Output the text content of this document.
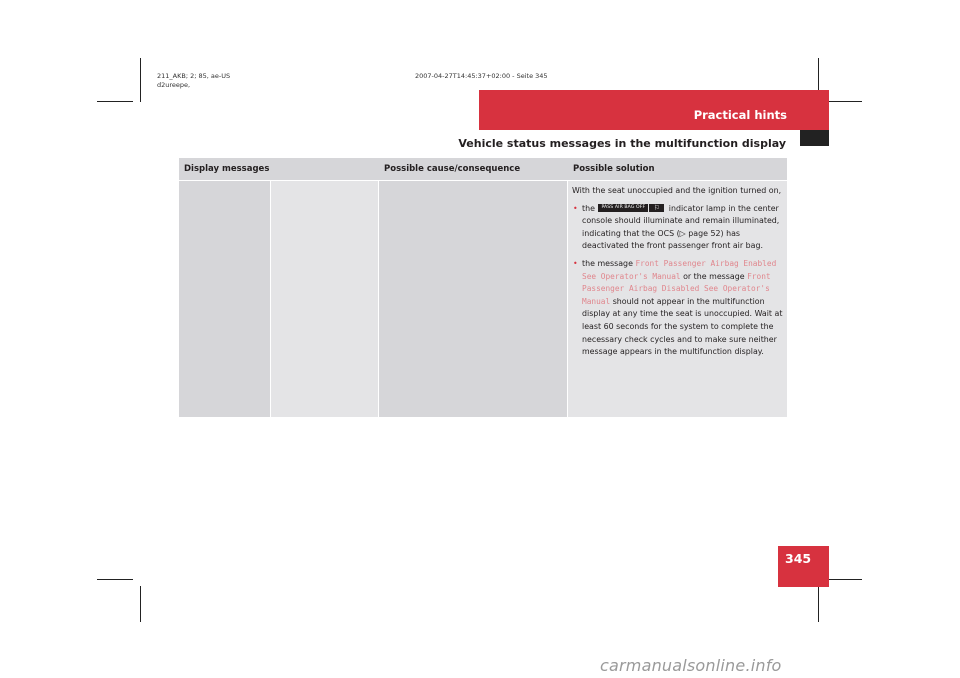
211_AKB; 2; 85, ae-US
d2ureepe,
2007-04-27T14:45:37+02:00 - Seite 345
Practical hints
Vehicle status messages in the multifunction display
Display messages	Possible cause/consequence	Possible solution

With the seat unoccupied and the ignition turned on,

• the PASS AIR BAG OFF ⚐ indicator lamp in the center console should illuminate and remain illuminated, indicating that the OCS (▷ page 52) has deactivated the front passenger front air bag.
• the message Front Passenger Airbag Enabled See Operator's Manual or the message Front Passenger Airbag Disabled See Operator's Manual should not appear in the multifunction display at any time the seat is unoccupied. Wait at least 60 seconds for the system to complete the necessary check cycles and to make sure neither message appears in the multifunction display.
345
carmanualsonline.info
